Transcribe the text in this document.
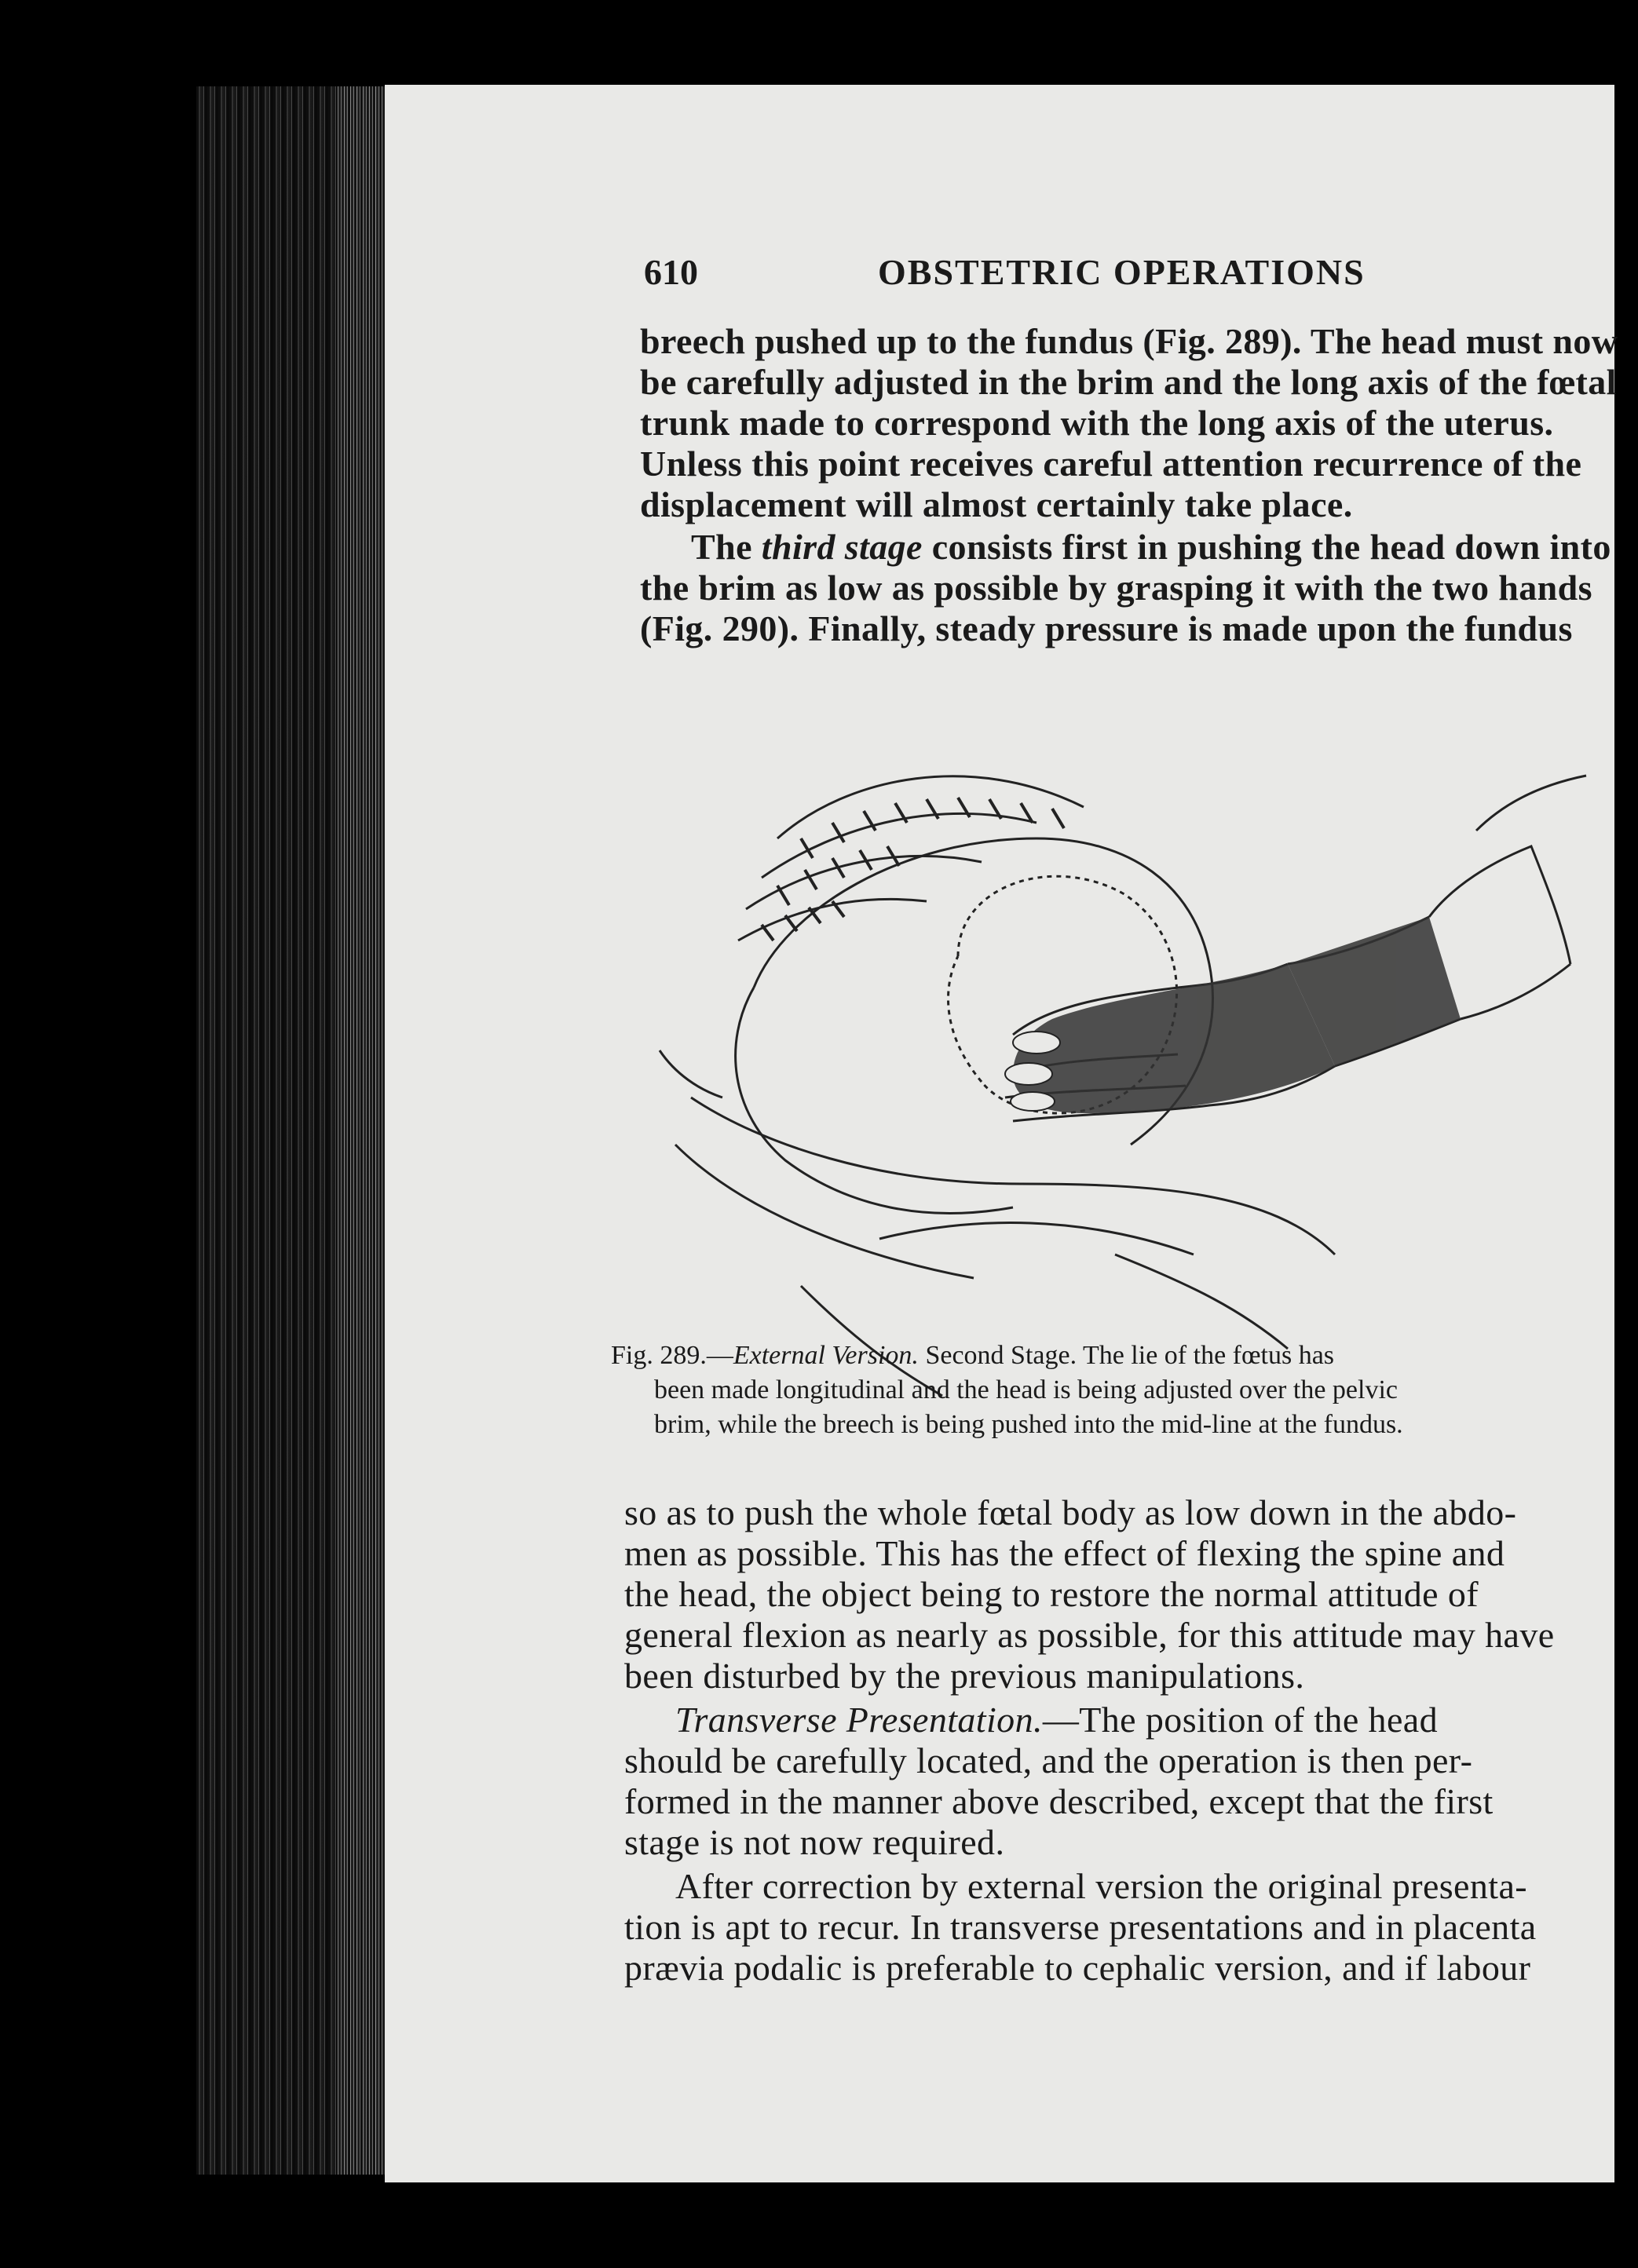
610	OBSTETRIC OPERATIONS
breech pushed up to the fundus (Fig. 289). The head must now
be carefully adjusted in the brim and the long axis of the fœtal
trunk made to correspond with the long axis of the uterus.
Unless this point receives careful attention recurrence of the
displacement will almost certainly take place.
The third stage consists first in pushing the head down into
the brim as low as possible by grasping it with the two hands
(Fig. 290). Finally, steady pressure is made upon the fundus
Fig. 289.—External Version. Second Stage. The lie of the fœtus has
been made longitudinal and the head is being adjusted over the pelvic
brim, while the breech is being pushed into the mid-line at the fundus.
so as to push the whole fœtal body as low down in the abdo-
men as possible. This has the effect of flexing the spine and
the head, the object being to restore the normal attitude of
general flexion as nearly as possible, for this attitude may have
been disturbed by the previous manipulations.
Transverse Presentation.—The position of the head
should be carefully located, and the operation is then per-
formed in the manner above described, except that the first
stage is not now required.
After correction by external version the original presenta-
tion is apt to recur. In transverse presentations and in placenta
prævia podalic is preferable to cephalic version, and if labour
